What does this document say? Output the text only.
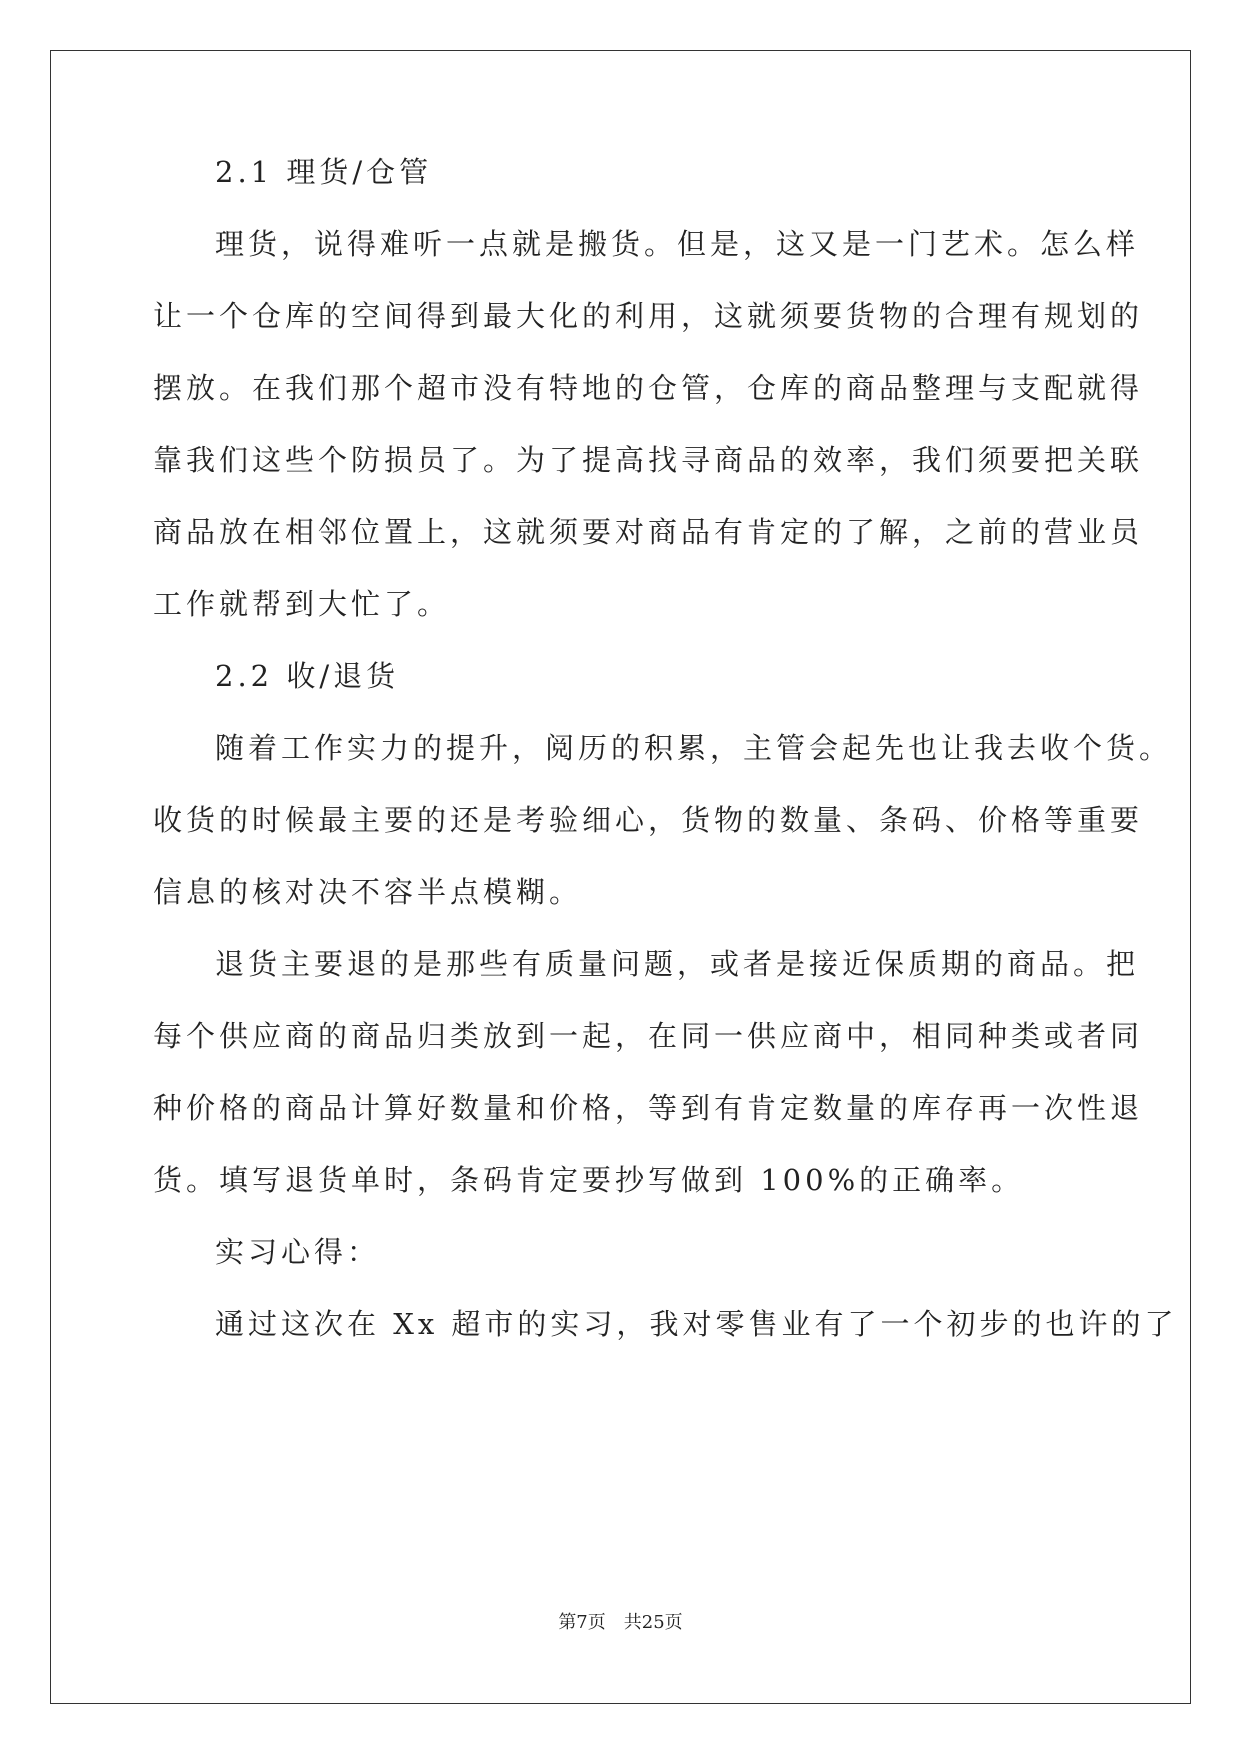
2.1 理货/仓管
理货，说得难听一点就是搬货。但是，这又是一门艺术。怎么样
让一个仓库的空间得到最大化的利用，这就须要货物的合理有规划的
摆放。在我们那个超市没有特地的仓管，仓库的商品整理与支配就得
靠我们这些个防损员了。为了提高找寻商品的效率，我们须要把关联
商品放在相邻位置上，这就须要对商品有肯定的了解，之前的营业员
工作就帮到大忙了。
2.2 收/退货
随着工作实力的提升，阅历的积累，主管会起先也让我去收个货。
收货的时候最主要的还是考验细心，货物的数量、条码、价格等重要
信息的核对决不容半点模糊。
退货主要退的是那些有质量问题，或者是接近保质期的商品。把
每个供应商的商品归类放到一起，在同一供应商中，相同种类或者同
种价格的商品计算好数量和价格，等到有肯定数量的库存再一次性退
货。填写退货单时，条码肯定要抄写做到 100%的正确率。
实习心得：
通过这次在 Xx 超市的实习，我对零售业有了一个初步的也许的了
第7页 共25页
